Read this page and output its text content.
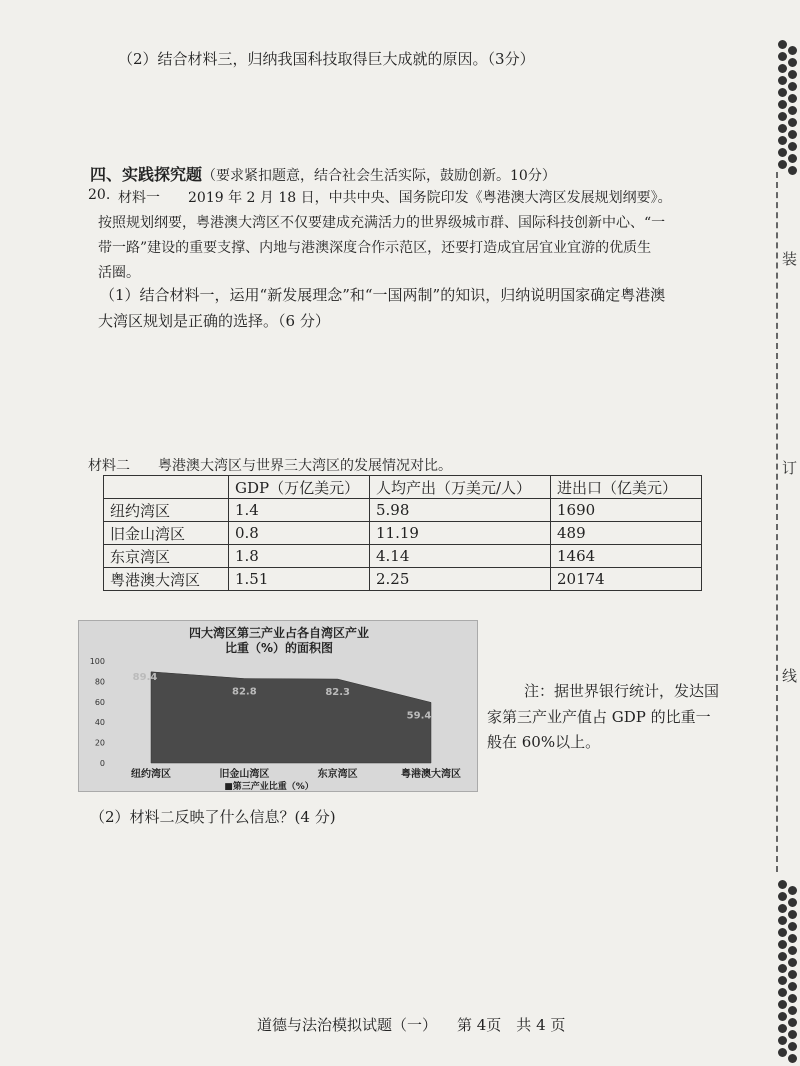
装
订
线
（2）结合材料三，归纳我国科技取得巨大成就的原因。（3分）
四、实践探究题（要求紧扣题意，结合社会生活实际，鼓励创新。10分）
20. 材料一　　2019 年 2 月 18 日，中共中央、国务院印发《粤港澳大湾区发展规划纲要》。
按照规划纲要，粤港澳大湾区不仅要建成充满活力的世界级城市群、国际科技创新中心、“一
带一路”建设的重要支撑、内地与港澳深度合作示范区，还要打造成宜居宜业宜游的优质生
活圈。
（1）结合材料一，运用“新发展理念”和“一国两制”的知识，归纳说明国家确定粤港澳
大湾区规划是正确的选择。（6 分）
材料二　　粤港澳大湾区与世界三大湾区的发展情况对比。
	GDP（万亿美元）	人均产出（万美元/人）	进出口（亿美元）
纽约湾区	1.4	5.98	1690
旧金山湾区	0.8	11.19	489
东京湾区	1.8	4.14	1464
粤港澳大湾区	1.51	2.25	20174
四大湾区第三产业占各自湾区产业
比重（%）的面积图
0
20
40
60
80
100
89.4
82.8	82.3
59.4
纽约湾区	旧金山湾区	东京湾区	粤港澳大湾区
■第三产业比重（%）
注：据世界银行统计，发达国
家第三产业产值占 GDP 的比重一
般在 60%以上。
（2）材料二反映了什么信息？(4 分)
道德与法治模拟试题（一） 第 4页　共 4 页
